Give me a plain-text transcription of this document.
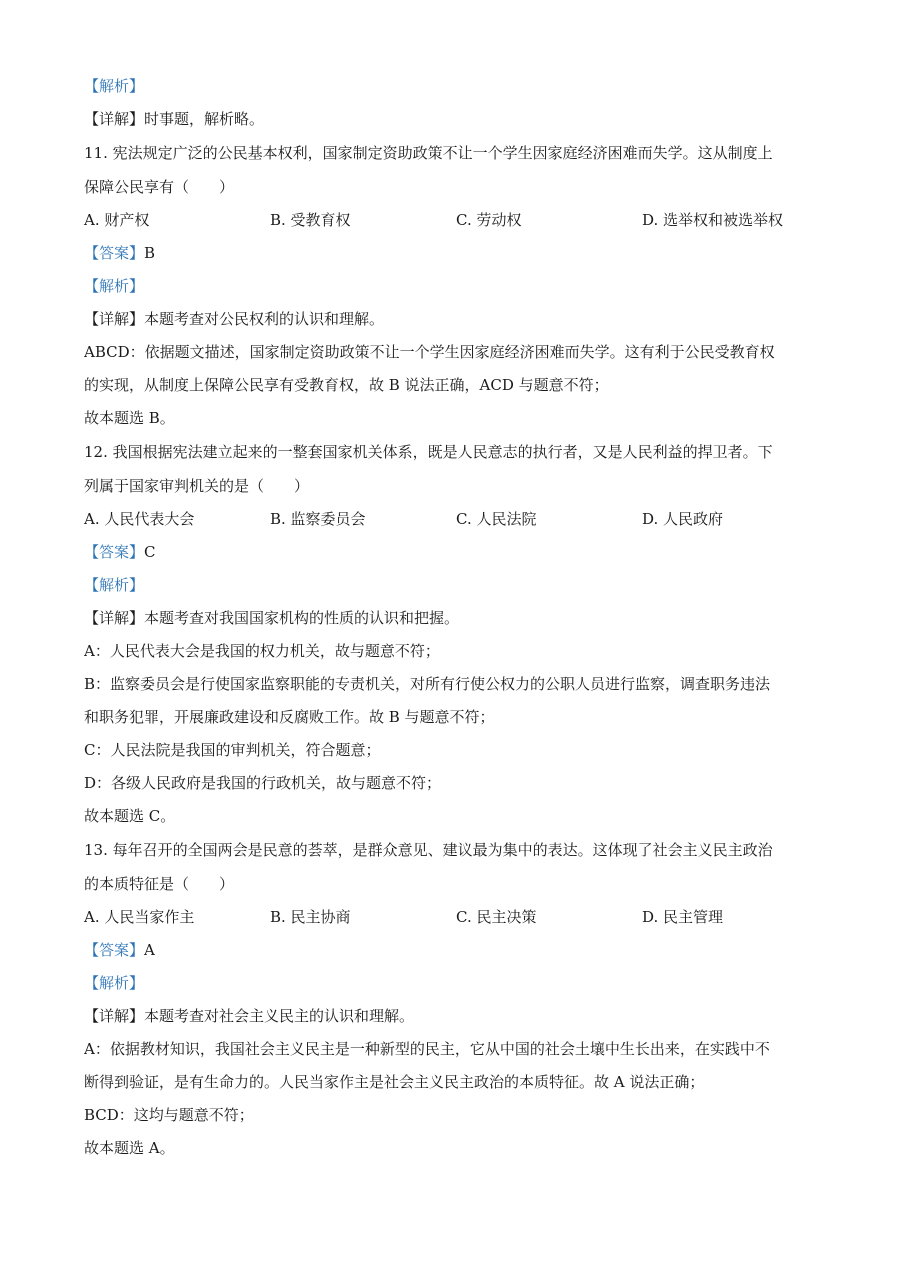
【解析】
【详解】时事题，解析略。
11. 宪法规定广泛的公民基本权利，国家制定资助政策不让一个学生因家庭经济困难而失学。这从制度上
保障公民享有（　　）
A. 财产权	B. 受教育权	C. 劳动权	D. 选举权和被选举权
【答案】B
【解析】
【详解】本题考查对公民权利的认识和理解。
ABCD：依据题文描述，国家制定资助政策不让一个学生因家庭经济困难而失学。这有利于公民受教育权
的实现，从制度上保障公民享有受教育权，故 B 说法正确，ACD 与题意不符；
故本题选 B。
12. 我国根据宪法建立起来的一整套国家机关体系，既是人民意志的执行者，又是人民利益的捍卫者。下
列属于国家审判机关的是（　　）
A. 人民代表大会	B. 监察委员会	C. 人民法院	D. 人民政府
【答案】C
【解析】
【详解】本题考查对我国国家机构的性质的认识和把握。
A：人民代表大会是我国的权力机关，故与题意不符；
B：监察委员会是行使国家监察职能的专责机关，对所有行使公权力的公职人员进行监察，调查职务违法
和职务犯罪，开展廉政建设和反腐败工作。故 B 与题意不符；
C：人民法院是我国的审判机关，符合题意；
D：各级人民政府是我国的行政机关，故与题意不符；
故本题选 C。
13. 每年召开的全国两会是民意的荟萃，是群众意见、建议最为集中的表达。这体现了社会主义民主政治
的本质特征是（　　）
A. 人民当家作主	B. 民主协商	C. 民主决策	D. 民主管理
【答案】A
【解析】
【详解】本题考查对社会主义民主的认识和理解。
A：依据教材知识，我国社会主义民主是一种新型的民主，它从中国的社会土壤中生长出来，在实践中不
断得到验证，是有生命力的。人民当家作主是社会主义民主政治的本质特征。故 A 说法正确；
BCD：这均与题意不符；
故本题选 A。
